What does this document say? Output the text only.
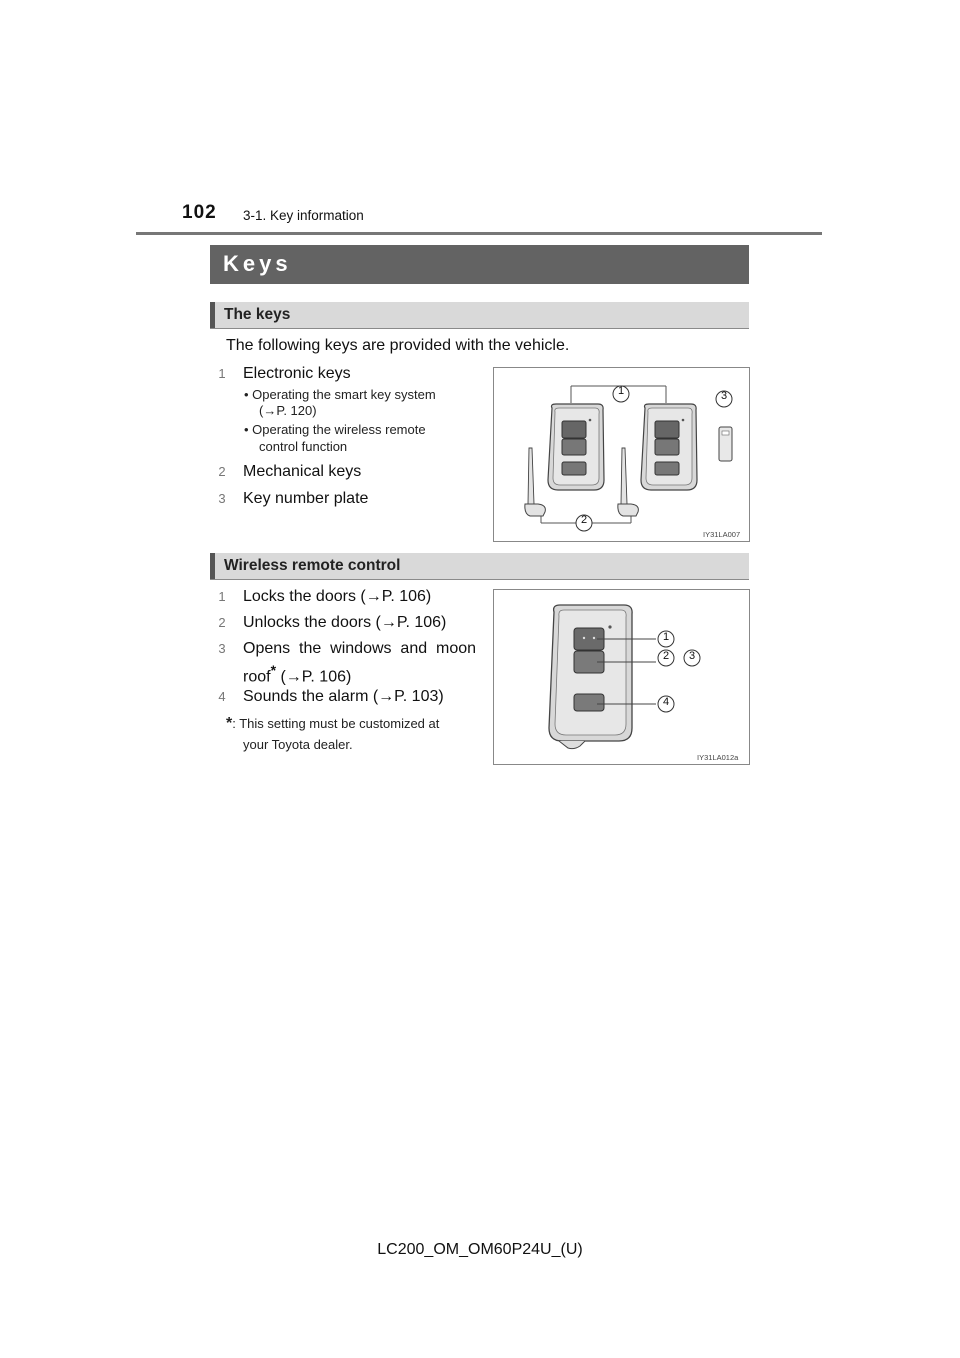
102 3-1. Key information
Keys
The keys
The following keys are provided with the vehicle.
1 Electronic keys
• Operating the smart key system
(→P. 120)
• Operating the wireless remote
control function
2 Mechanical keys
3 Key number plate
1
2
3
IY31LA007
Wireless remote control
1 Locks the doors (→P. 106)
2 Unlocks the doors (→P. 106)
3 Opens  the  windows  and  moon
roof* (→P. 106)
4 Sounds the alarm (→P. 103)
*: This setting must be customized at
your Toyota dealer.
1
2	3
4
IY31LA012a
LC200_OM_OM60P24U_(U)
